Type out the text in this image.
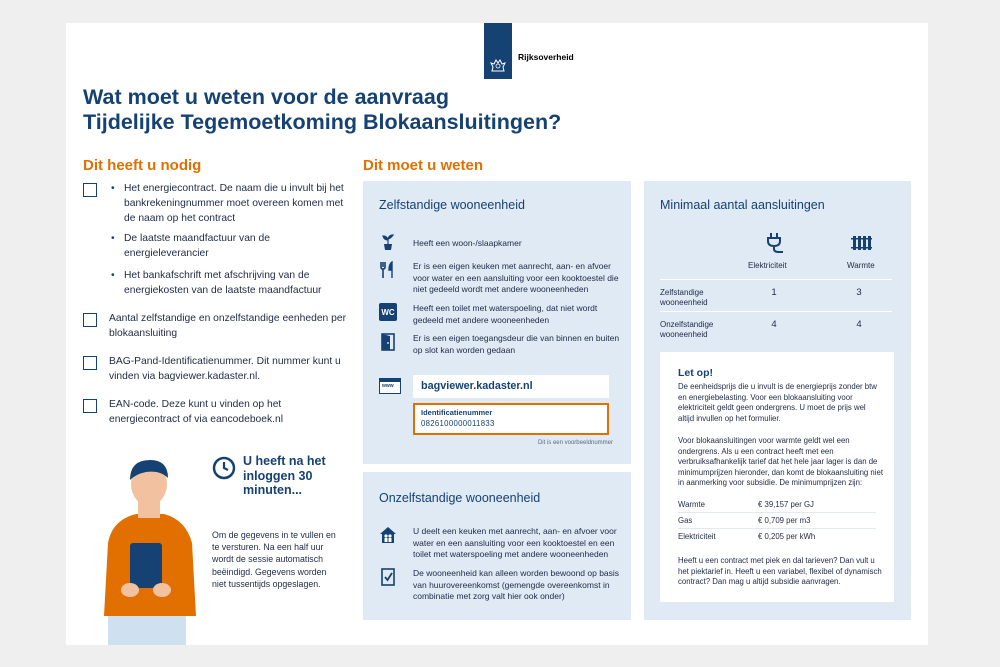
Rijksoverheid
Wat moet u weten voor de aanvraag
Tijdelijke Tegemoetkoming Blokaansluitingen?
Dit heeft u nodig
• Het energiecontract. De naam die u invult bij het bankrekeningnummer moet overeen komen met de naam op het contract
• De laatste maandfactuur van de energieleverancier
• Het bankafschrift met afschrijving van de energiekosten van de laatste maandfactuur
Aantal zelfstandige en onzelfstandige eenheden per blokaansluiting
BAG-Pand-Identificatienummer. Dit nummer kunt u vinden via bagviewer.kadaster.nl.
EAN-code. Deze kunt u vinden op het energiecontract of via eancodeboek.nl
U heeft na het inloggen 30 minuten...
Om de gegevens in te vullen en te versturen. Na een half uur wordt de sessie automatisch beëindigd. Gegevens worden niet tussentijds opgeslagen.
Dit moet u weten
Zelfstandige wooneenheid
Heeft een woon-/slaapkamer
Er is een eigen keuken met aanrecht, aan- en afvoer voor water en een aansluiting voor een kooktoestel die niet gedeeld wordt met andere wooneenheden
WC Heeft een toilet met waterspoeling, dat niet wordt gedeeld met andere wooneenheden
Er is een eigen toegangsdeur die van binnen en buiten op slot kan worden gedaan
www	bagviewer.kadaster.nl
Identificatienummer
0826100000011833
Dit is een voorbeeldnummer
Onzelfstandige wooneenheid
U deelt een keuken met aanrecht, aan- en afvoer voor water en een aansluiting voor een kooktoestel en een toilet met waterspoeling met andere wooneenheden
De wooneenheid kan alleen worden bewoond op basis van huurovereenkomst (gemengde overeenkomst in combinatie met zorg valt hier ook onder)
Minimaal aantal aansluitingen
Elektriciteit	Warmte
Zelfstandige wooneenheid
1	3
Onzelfstandige wooneenheid
4	4
Let op!
De eenheidsprijs die u invult is de energieprijs zonder btw en energiebelasting. Voor een blokaansluiting voor elektriciteit geldt geen ondergrens. U moet de prijs wel altijd invullen op het formulier.
Voor blokaansluitingen voor warmte geldt wel een ondergrens. Als u een contract heeft met een verbruiksafhankelijk tarief dat het hele jaar lager is dan de minimumprijzen hieronder, dan komt de blokaansluiting niet in aanmerking voor subsidie. De minimumprijzen zijn:
Warmte	€ 39,157 per GJ
Gas	€ 0,709 per m3
Elektriciteit	€ 0,205 per kWh
Heeft u een contract met piek en dal tarieven? Dan vult u het piektarief in. Heeft u een variabel, flexibel of dynamisch contract? Dan mag u altijd subsidie aanvragen.
